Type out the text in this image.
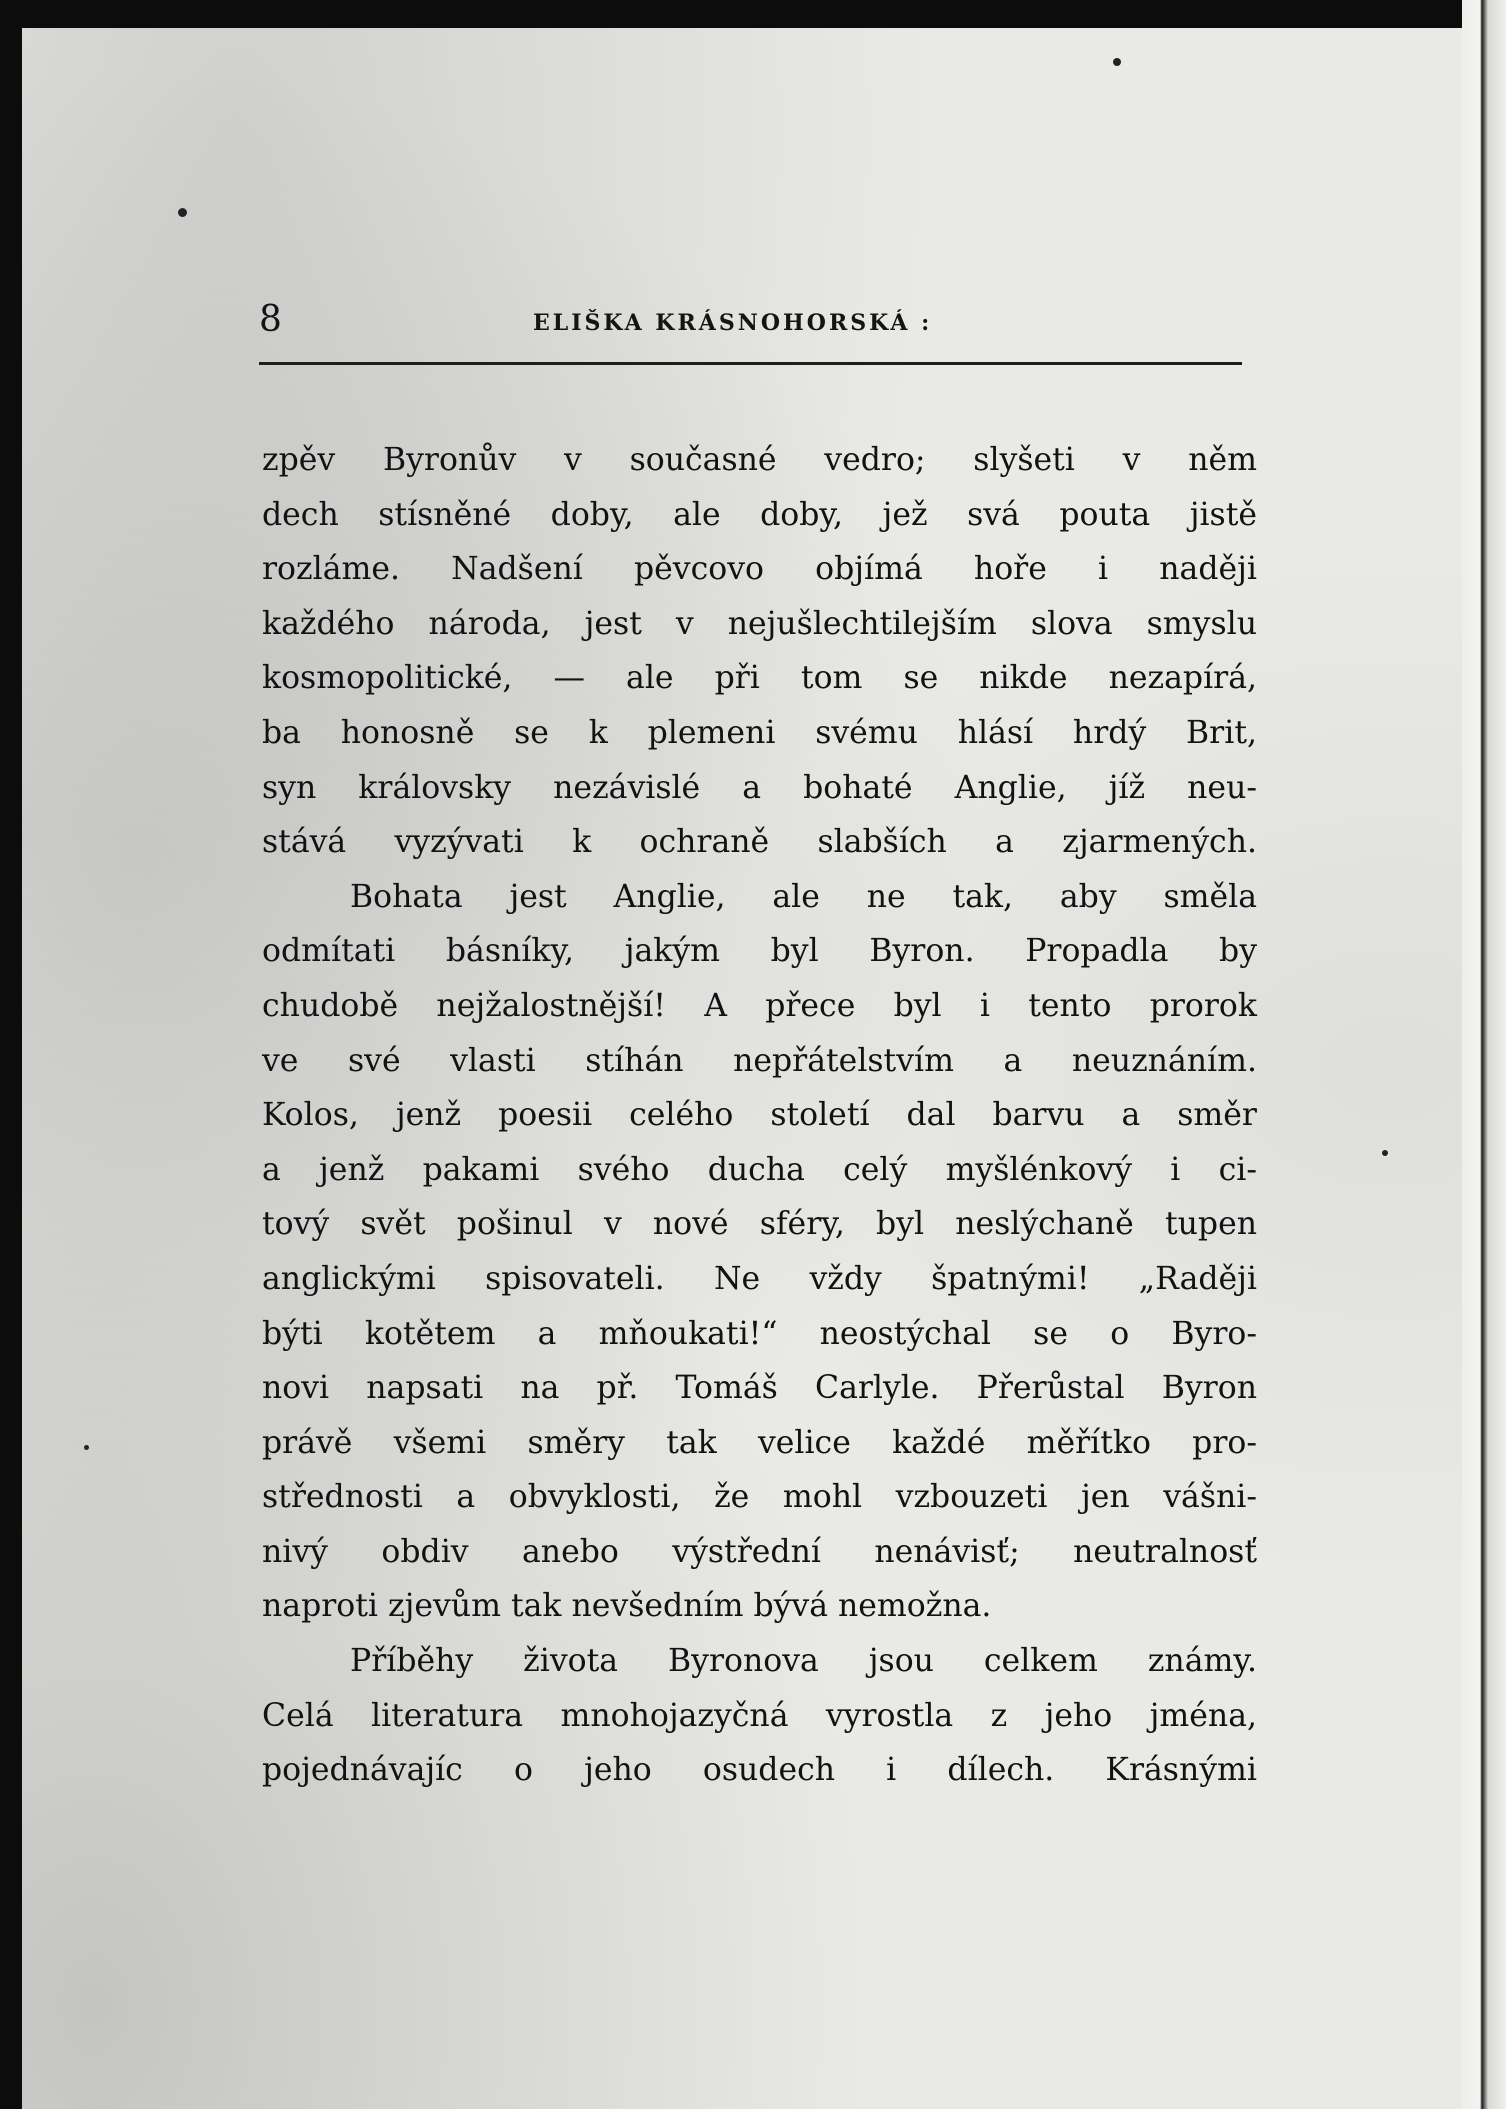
8	ELIŠKA KRÁSNOHORSKÁ :
zpěv Byronův v současné vedro; slyšeti v něm
dech stísněné doby, ale doby, jež svá pouta jistě
rozláme. Nadšení pěvcovo objímá hoře i naději
každého národa, jest v nejušlechtilejším slova smyslu
kosmopolitické, — ale při tom se nikde nezapírá,
ba honosně se k plemeni svému hlásí hrdý Brit,
syn královsky nezávislé a bohaté Anglie, jíž neu-
stává vyzývati k ochraně slabších a zjarmených.
Bohata jest Anglie, ale ne tak, aby směla
odmítati básníky, jakým byl Byron. Propadla by
chudobě nejžalostnější! A přece byl i tento prorok
ve své vlasti stíhán nepřátelstvím a neuznáním.
Kolos, jenž poesii celého století dal barvu a směr
a jenž pakami svého ducha celý myšlénkový i ci-
tový svět pošinul v nové sféry, byl neslýchaně tupen
anglickými spisovateli. Ne vždy špatnými! „Raději
býti kotětem a mňoukati!“ neostýchal se o Byro-
novi napsati na př. Tomáš Carlyle. Přerůstal Byron
právě všemi směry tak velice každé měřítko pro-
střednosti a obvyklosti, že mohl vzbouzeti jen vášni-
nivý obdiv anebo výstřední nenávisť; neutralnosť
naproti zjevům tak nevšedním bývá nemožna.
Příběhy života Byronova jsou celkem známy.
Celá literatura mnohojazyčná vyrostla z jeho jména,
pojednávajíc o jeho osudech i dílech. Krásnými
